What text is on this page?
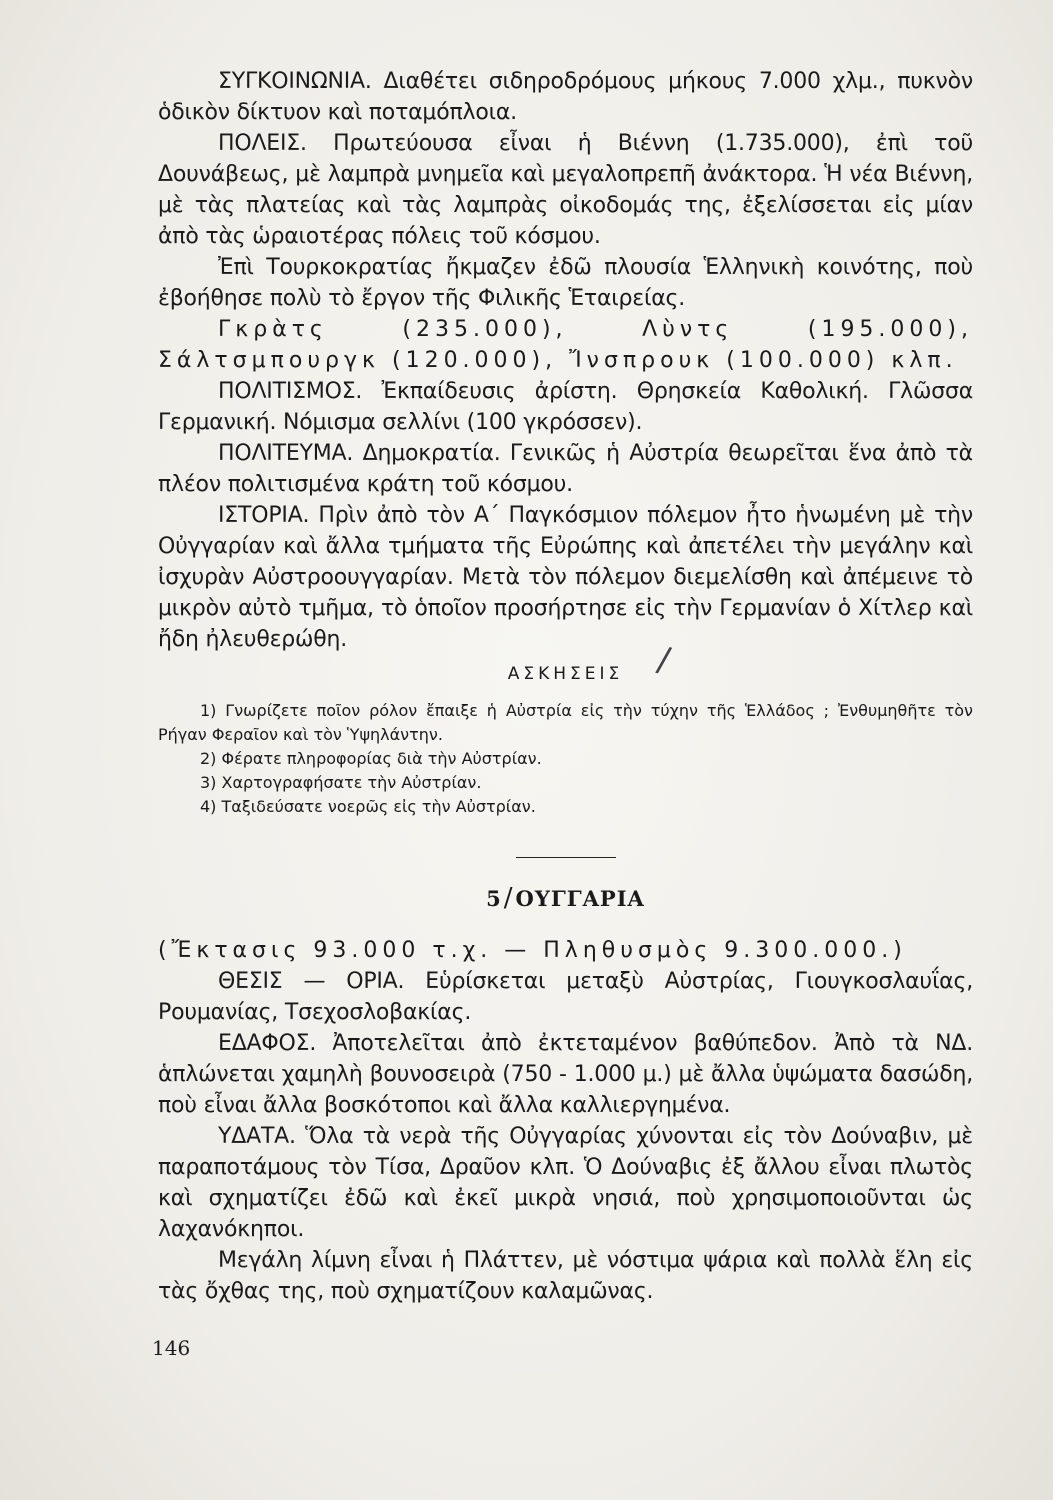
ΣΥΓΚΟΙΝΩΝΙΑ. Διαθέτει σιδηροδρόμους μήκους 7.000 χλμ., πυκνὸν ὁδικὸν δίκτυον καὶ ποταμόπλοια.

ΠΟΛΕΙΣ. Πρωτεύουσα εἶναι ἡ Βιέννη (1.735.000), ἐπὶ τοῦ Δουνάβεως, μὲ λαμπρὰ μνημεῖα καὶ μεγαλοπρεπῆ ἀνάκτορα. Ἡ νέα Βιέννη, μὲ τὰς πλατείας καὶ τὰς λαμπρὰς οἰκοδομάς της, ἐξελίσσεται εἰς μίαν ἀπὸ τὰς ὡραιοτέρας πόλεις τοῦ κόσμου.

Ἐπὶ Τουρκοκρατίας ἤκμαζεν ἐδῶ πλουσία Ἑλληνικὴ κοινότης, ποὺ ἐβοήθησε πολὺ τὸ ἔργον τῆς Φιλικῆς Ἑταιρείας.

Γκρὰτς (235.000), Λὺντς (195.000), Σάλτσμπουργκ (120.000), Ἴνσπρουκ (100.000) κλπ.

ΠΟΛΙΤΙΣΜΟΣ. Ἐκπαίδευσις ἀρίστη. Θρησκεία Καθολική. Γλῶσσα Γερμανική. Νόμισμα σελλίνι (100 γκρόσσεν).

ΠΟΛΙΤΕΥΜΑ. Δημοκρατία. Γενικῶς ἡ Αὐστρία θεωρεῖται ἕνα ἀπὸ τὰ πλέον πολιτισμένα κράτη τοῦ κόσμου.

ΙΣΤΟΡΙΑ. Πρὶν ἀπὸ τὸν Α΄ Παγκόσμιον πόλεμον ἦτο ἡνωμένη μὲ τὴν Οὐγγαρίαν καὶ ἄλλα τμήματα τῆς Εὐρώπης καὶ ἀπετέλει τὴν μεγάλην καὶ ἰσχυρὰν Αὐστροουγγαρίαν. Μετὰ τὸν πόλεμον διεμελίσθη καὶ ἀπέμεινε τὸ μικρὸν αὐτὸ τμῆμα, τὸ ὁποῖον προσήρτησε εἰς τὴν Γερμανίαν ὁ Χίτλερ καὶ ἤδη ἠλευθερώθη.

ΑΣΚΗΣΕΙΣ

1) Γνωρίζετε ποῖον ρόλον ἔπαιξε ἡ Αὐστρία εἰς τὴν τύχην τῆς Ἑλλάδος ; Ἐνθυμηθῆτε τὸν Ρήγαν Φεραῖον καὶ τὸν Ὑψηλάντην.

2) Φέρατε πληροφορίας διὰ τὴν Αὐστρίαν.

3) Χαρτογραφήσατε τὴν Αὐστρίαν.

4) Ταξιδεύσατε νοερῶς εἰς τὴν Αὐστρίαν.

5/ΟΥΓΓΑΡΙΑ

(Ἔκτασις 93.000 τ.χ. — Πληθυσμὸς 9.300.000.)

ΘΕΣΙΣ — ΟΡΙΑ. Εὑρίσκεται μεταξὺ Αὐστρίας, Γιουγκοσλαυΐας, Ρουμανίας, Τσεχοσλοβακίας.

ΕΔΑΦΟΣ. Ἀποτελεῖται ἀπὸ ἐκτεταμένον βαθύπεδον. Ἀπὸ τὰ ΝΔ. ἁπλώνεται χαμηλὴ βουνοσειρὰ (750 - 1.000 μ.) μὲ ἄλλα ὑψώματα δασώδη, ποὺ εἶναι ἄλλα βοσκότοποι καὶ ἄλλα καλλιεργημένα.

ΥΔΑΤΑ. Ὅλα τὰ νερὰ τῆς Οὐγγαρίας χύνονται εἰς τὸν Δούναβιν, μὲ παραποτάμους τὸν Τίσα, Δραῦον κλπ. Ὁ Δούναβις ἐξ ἄλλου εἶναι πλωτὸς καὶ σχηματίζει ἐδῶ καὶ ἐκεῖ μικρὰ νησιά, ποὺ χρησιμοποιοῦνται ὡς λαχανόκηποι.

Μεγάλη λίμνη εἶναι ἡ Πλάττεν, μὲ νόστιμα ψάρια καὶ πολλὰ ἕλη εἰς τὰς ὄχθας της, ποὺ σχηματίζουν καλαμῶνας.

/
146
